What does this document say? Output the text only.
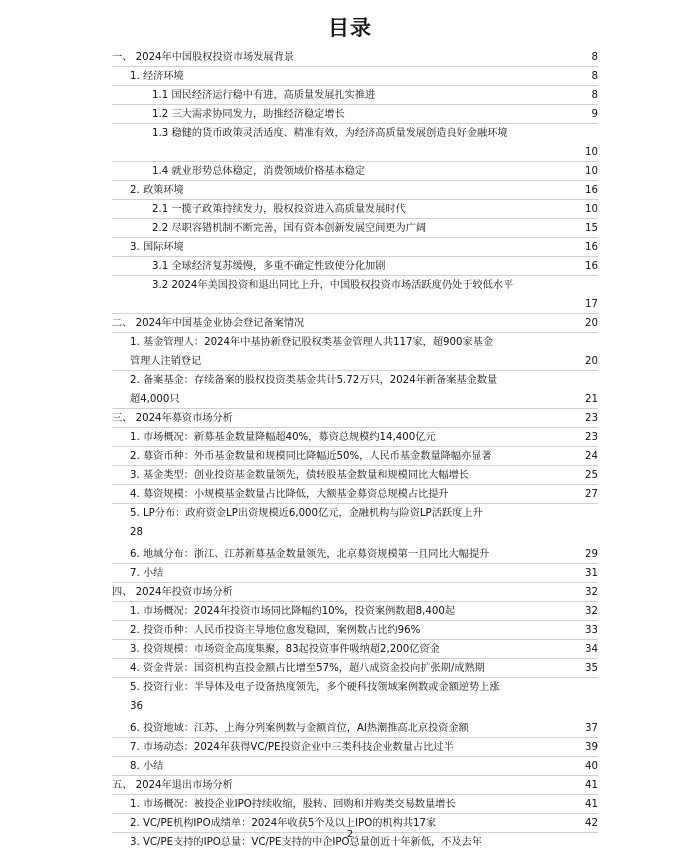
目录
一、 2024年中国股权投资市场发展背景	8
1. 经济环境	8
1.1 国民经济运行稳中有进，高质量发展扎实推进	8
1.2 三大需求协同发力，助推经济稳定增长	9
1.3 稳健的货币政策灵活适度、精准有效，为经济高质量发展创造良好金融环境
10
1.4 就业形势总体稳定，消费领域价格基本稳定	10
2. 政策环境	16
2.1 一揽子政策持续发力，股权投资进入高质量发展时代	10
2.2 尽职容错机制不断完善，国有资本创新发展空间更为广阔	15
3. 国际环境	16
3.1 全球经济复苏缓慢，多重不确定性致使分化加剧	16
3.2 2024年美国投资和退出同比上升，中国股权投资市场活跃度仍处于较低水平
17
二、 2024年中国基金业协会登记备案情况	20
1. 基金管理人：2024年中基协新登记股权类基金管理人共117家，超900家基金
管理人注销登记	20
2. 备案基金：存续备案的股权投资类基金共计5.72万只，2024年新备案基金数量
超4,000只	21
三、 2024年募资市场分析	23
1. 市场概况：新募基金数量降幅超40%，募资总规模约14,400亿元	23
2. 募资币种：外币基金数量和规模同比降幅近50%，人民币基金数量降幅亦显著	24
3. 基金类型：创业投资基金数量领先，债转股基金数量和规模同比大幅增长	25
4. 募资规模：小规模基金数量占比降低，大额基金募资总规模占比提升	27
5. LP分布：政府资金LP出资规模近6,000亿元，金融机构与险资LP活跃度上升
28
6. 地域分布：浙江、江苏新募基金数量领先，北京募资规模第一且同比大幅提升	29
7. 小结	31
四、 2024年投资市场分析	32
1. 市场概况：2024年投资市场同比降幅约10%，投资案例数超8,400起	32
2. 投资币种：人民币投资主导地位愈发稳固，案例数占比约96%	33
3. 投资规模：市场资金高度集聚，83起投资事件吸纳超2,200亿资金	34
4. 资金背景：国资机构直投金额占比增至57%，超八成资金投向扩张期/成熟期	35
5. 投资行业：半导体及电子设备热度领先，多个硬科技领域案例数或金额逆势上涨
36
6. 投资地域：江苏、上海分列案例数与金额首位，AI热潮推高北京投资金额	37
7. 市场动态：2024年获得VC/PE投资企业中三类科技企业数量占比过半	39
8. 小结	40
五、 2024年退出市场分析	41
1. 市场概况：被投企业IPO持续收缩，股转、回购和并购类交易数量增长	41
2. VC/PE机构IPO成绩单：2024年收获5个及以上IPO的机构共17家	42
3. VC/PE支持的IPO总量：VC/PE支持的中企IPO总量创近十年新低，不及去年
2
